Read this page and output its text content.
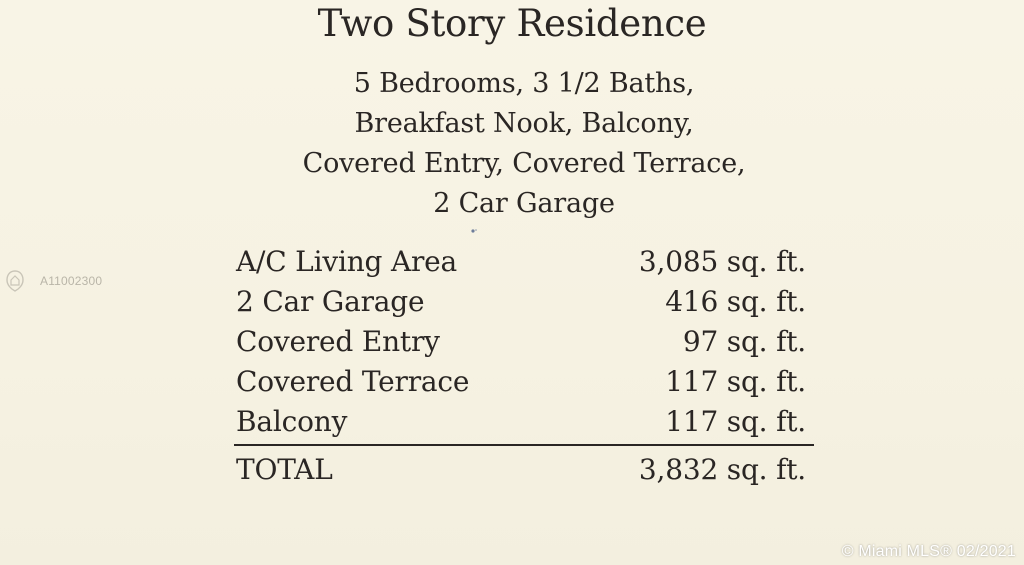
Two Story Residence
5 Bedrooms, 3 1/2 Baths,
Breakfast Nook, Balcony,
Covered Entry, Covered Terrace,
2 Car Garage
A11002300
A/C Living Area	3,085 sq. ft.
2 Car Garage	416 sq. ft.
Covered Entry	97 sq. ft.
Covered Terrace	117 sq. ft.
Balcony	117 sq. ft.
TOTAL	3,832 sq. ft.
© Miami MLS® 02/2021
